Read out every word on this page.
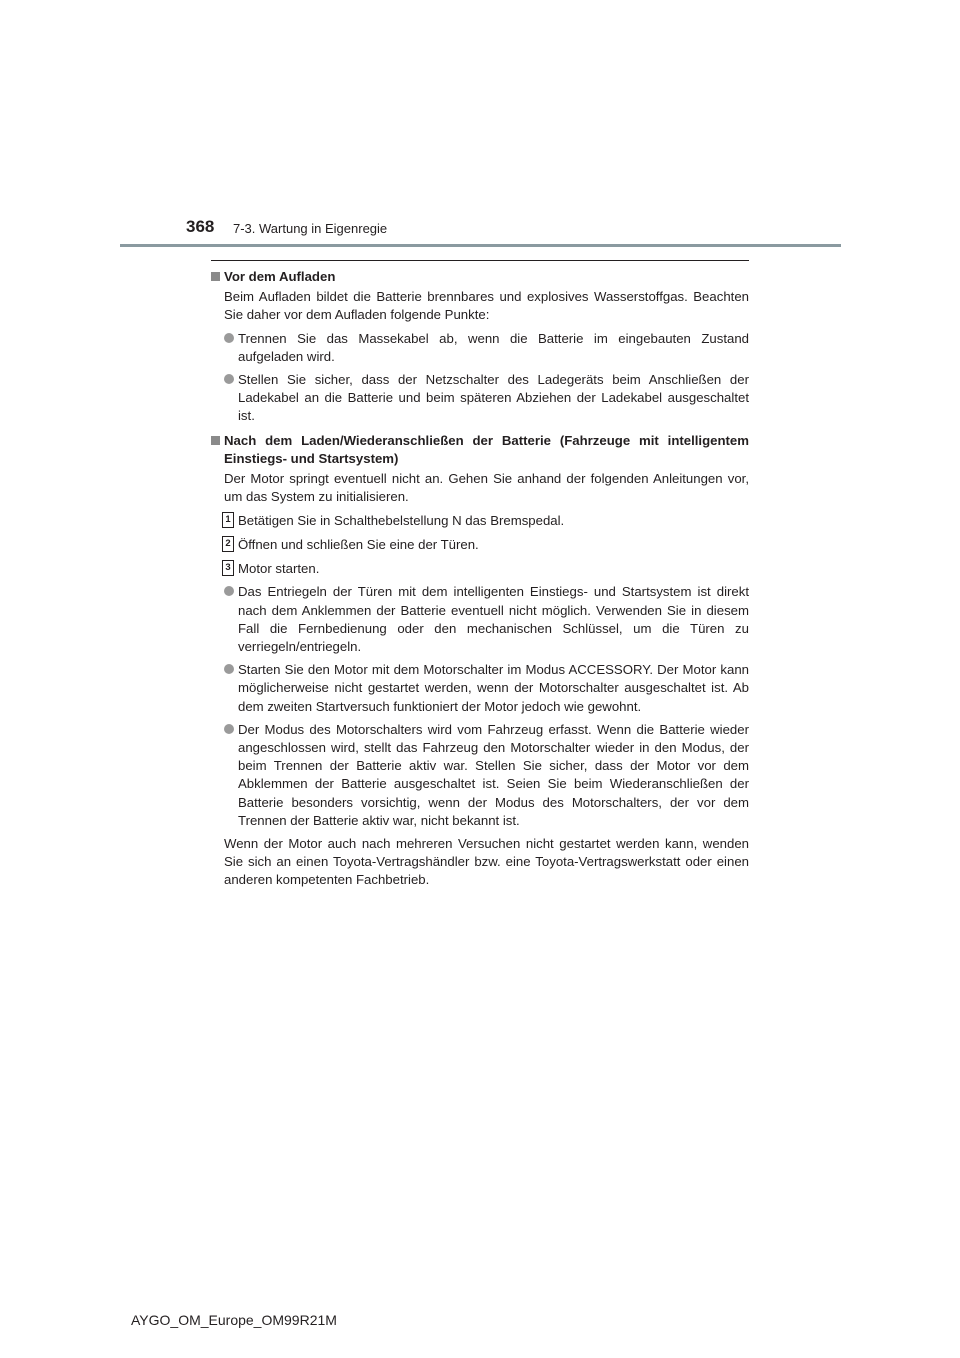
368 7-3. Wartung in Eigenregie
Vor dem Aufladen
Beim Aufladen bildet die Batterie brennbares und explosives Wasserstoffgas. Beachten Sie daher vor dem Aufladen folgende Punkte:
Trennen Sie das Massekabel ab, wenn die Batterie im eingebauten Zustand aufgeladen wird.
Stellen Sie sicher, dass der Netzschalter des Ladegeräts beim Anschließen der Ladekabel an die Batterie und beim späteren Abziehen der Ladekabel ausgeschaltet ist.
Nach dem Laden/Wiederanschließen der Batterie (Fahrzeuge mit intelligentem Einstiegs- und Startsystem)
Der Motor springt eventuell nicht an. Gehen Sie anhand der folgenden Anleitungen vor, um das System zu initialisieren.
1 Betätigen Sie in Schalthebelstellung N das Bremspedal.
2 Öffnen und schließen Sie eine der Türen.
3 Motor starten.
Das Entriegeln der Türen mit dem intelligenten Einstiegs- und Startsystem ist direkt nach dem Anklemmen der Batterie eventuell nicht möglich. Verwenden Sie in diesem Fall die Fernbedienung oder den mechanischen Schlüssel, um die Türen zu verriegeln/entriegeln.
Starten Sie den Motor mit dem Motorschalter im Modus ACCESSORY. Der Motor kann möglicherweise nicht gestartet werden, wenn der Motorschalter ausgeschaltet ist. Ab dem zweiten Startversuch funktioniert der Motor jedoch wie gewohnt.
Der Modus des Motorschalters wird vom Fahrzeug erfasst. Wenn die Batterie wieder angeschlossen wird, stellt das Fahrzeug den Motorschalter wieder in den Modus, der beim Trennen der Batterie aktiv war. Stellen Sie sicher, dass der Motor vor dem Abklemmen der Batterie ausgeschaltet ist. Seien Sie beim Wiederanschließen der Batterie besonders vorsichtig, wenn der Modus des Motorschalters, der vor dem Trennen der Batterie aktiv war, nicht bekannt ist.
Wenn der Motor auch nach mehreren Versuchen nicht gestartet werden kann, wenden Sie sich an einen Toyota-Vertragshändler bzw. eine Toyota-Vertragswerkstatt oder einen anderen kompetenten Fachbetrieb.
AYGO_OM_Europe_OM99R21M
